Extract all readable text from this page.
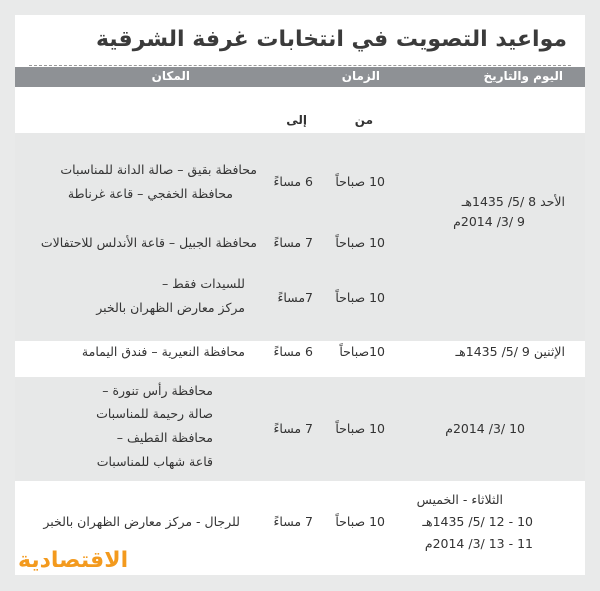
مواعيد التصويت في انتخابات غرفة الشرقية
اليوم والتاريخ
الزمان
المكان
من
إلى
الأحد 8 /5/ 1435هـ
9 /3/ 2014م
10 صباحاً
6 مساءً
محافظة بقيق – صالة الدانة للمناسبات
محافظة الخفجي – قاعة غرناطة
10 صباحاً
7 مساءً
محافظة الجبيل – قاعة الأندلس للاحتفالات
10 صباحاً
7مساءً
للسيدات فقط –
مركز معارض الظهران بالخبر
الإثنين 9 /5/ 1435هـ
10صباحاً
6 مساءً
محافظة النعيرية – فندق اليمامة
10 /3/ 2014م
10 صباحاً
7 مساءً
محافظة رأس تنورة –
صالة رحيمة للمناسبات
محافظة القطيف –
قاعة شهاب للمناسبات
الثلاثاء - الخميس
10 - 12 /5/ 1435هـ
11 - 13 /3/ 2014م
10 صباحاً
7 مساءً
للرجال - مركز معارض الظهران بالخبر
الاقتصادية
